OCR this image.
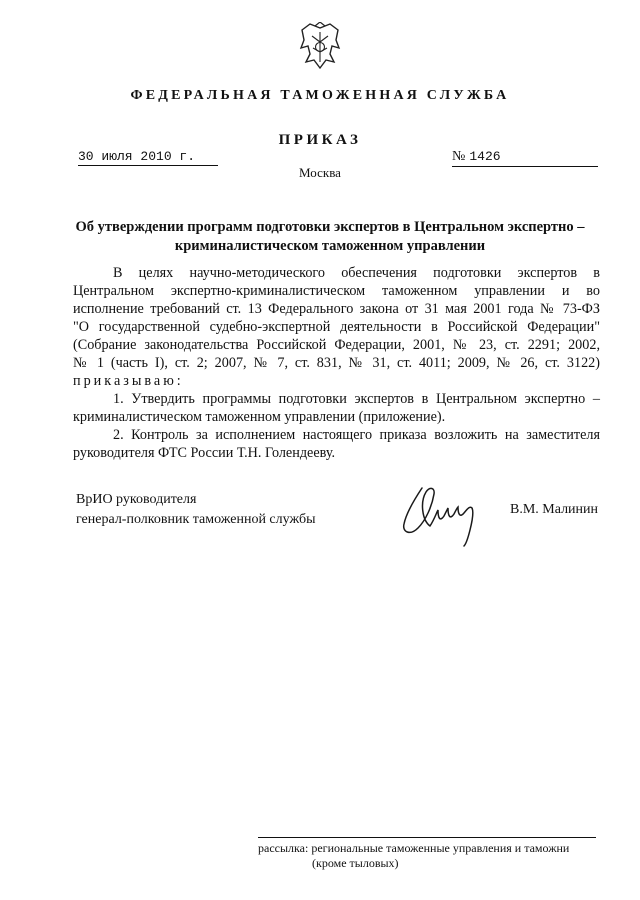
ФЕДЕРАЛЬНАЯ ТАМОЖЕННАЯ СЛУЖБА
ПРИКАЗ
30 июля 2010 г.	№ 1426
Москва
Об утверждении программ подготовки экспертов в Центральном экспертно –
криминалистическом таможенном управлении
В целях научно-методического обеспечения подготовки экспертов в
Центральном экспертно-криминалистическом таможенном управлении и во
исполнение требований ст. 13 Федерального закона от 31 мая 2001 года № 73-ФЗ
"О государственной судебно-экспертной деятельности в Российской Федерации"
(Собрание законодательства Российской Федерации, 2001, № 23, ст. 2291; 2002,
№ 1 (часть I), ст. 2; 2007, № 7, ст. 831, № 31, ст. 4011; 2009, № 26, ст. 3122)
приказываю:
1. Утвердить программы подготовки экспертов в Центральном экспертно –
криминалистическом таможенном управлении (приложение).
2. Контроль за исполнением настоящего приказа возложить на заместителя
руководителя ФТС России Т.Н. Голендееву.
ВрИО руководителя
генерал-полковник таможенной службы
В.М. Малинин
рассылка: региональные таможенные управления и таможни
(кроме тыловых)
